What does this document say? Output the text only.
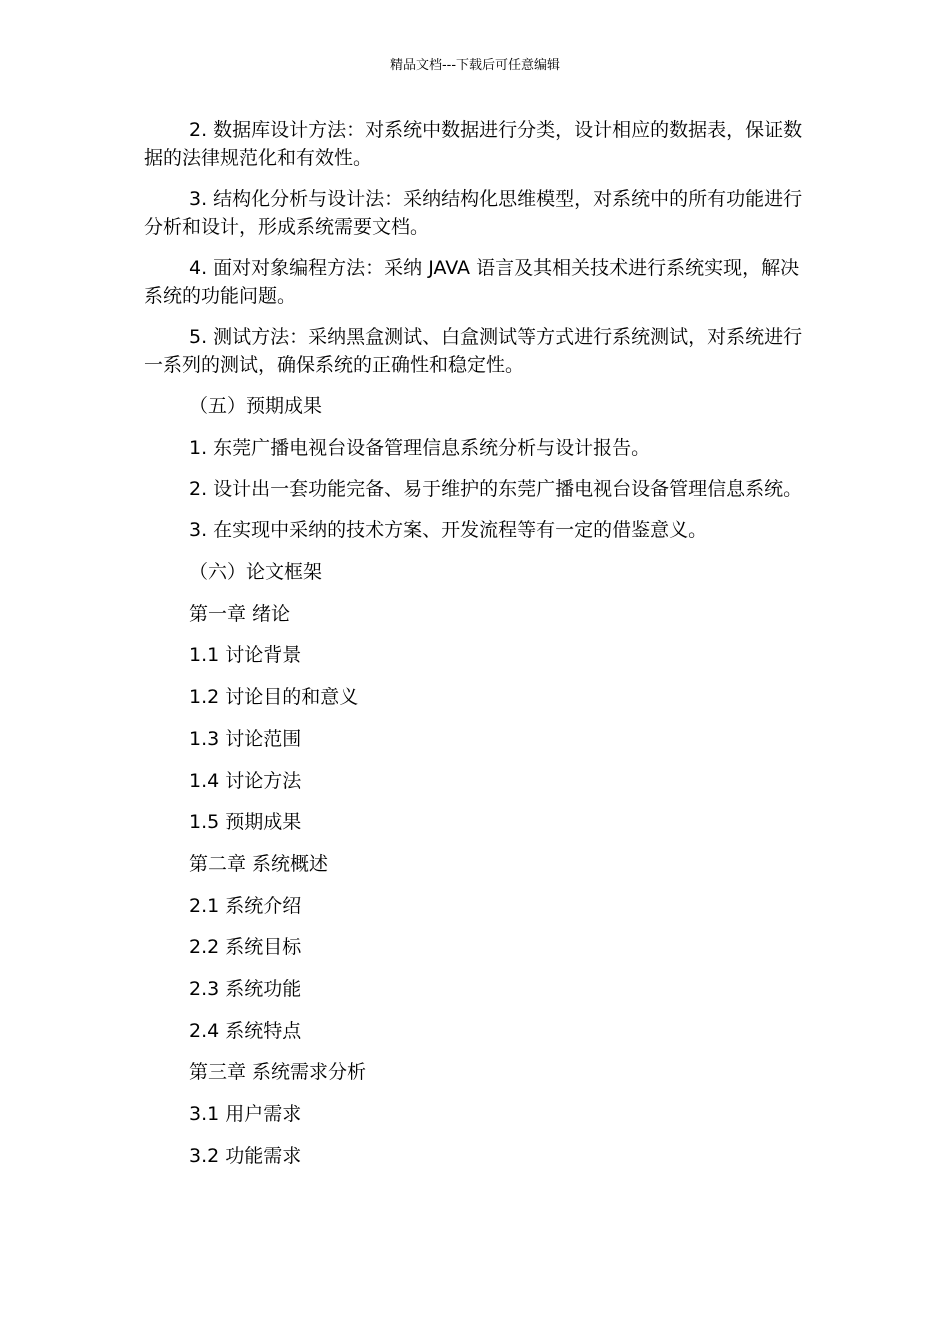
精品文档---下载后可任意编辑

2. 数据库设计方法：对系统中数据进行分类，设计相应的数据表，保证数据的法律规范化和有效性。

3. 结构化分析与设计法：采纳结构化思维模型，对系统中的所有功能进行分析和设计，形成系统需要文档。

4. 面对对象编程方法：采纳 JAVA 语言及其相关技术进行系统实现，解决系统的功能问题。

5. 测试方法：采纳黑盒测试、白盒测试等方式进行系统测试，对系统进行一系列的测试，确保系统的正确性和稳定性。

（五）预期成果

1. 东莞广播电视台设备管理信息系统分析与设计报告。

2. 设计出一套功能完备、易于维护的东莞广播电视台设备管理信息系统。

3. 在实现中采纳的技术方案、开发流程等有一定的借鉴意义。

（六）论文框架

第一章 绪论

1.1 讨论背景

1.2 讨论目的和意义

1.3 讨论范围

1.4 讨论方法

1.5 预期成果

第二章 系统概述

2.1 系统介绍

2.2 系统目标

2.3 系统功能

2.4 系统特点

第三章 系统需求分析

3.1 用户需求

3.2 功能需求
